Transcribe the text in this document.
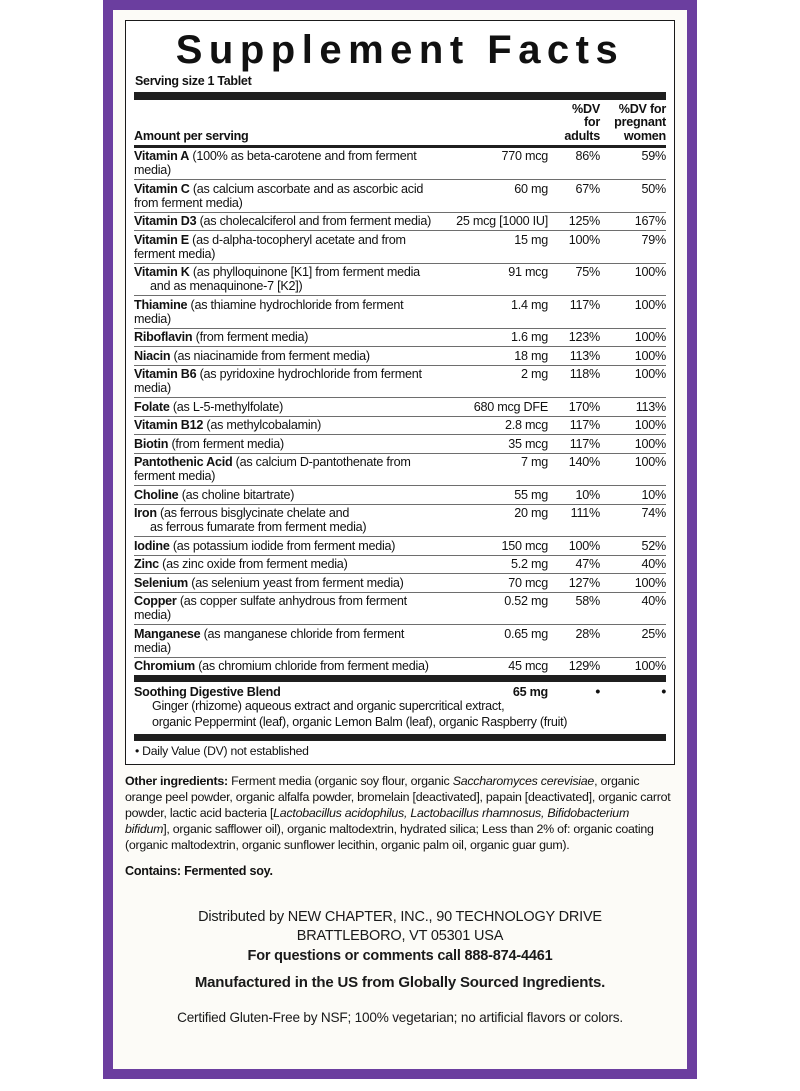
Supplement Facts
Serving size 1 Tablet
Amount per serving
%DV
for
adults
%DV for
pregnant
women
Vitamin A (100% as beta-carotene and from ferment media)	770 mcg	86%	59%
Vitamin C (as calcium ascorbate and as ascorbic acid from ferment media)	60 mg	67%	50%
Vitamin D3 (as cholecalciferol and from ferment media)	25 mcg [1000 IU]	125%	167%
Vitamin E (as d-alpha-tocopheryl acetate and from ferment media)	15 mg	100%	79%
Vitamin K (as phylloquinone [K1] from ferment media
and as menaquinone-7 [K2])	91 mcg	75%	100%
Thiamine (as thiamine hydrochloride from ferment media)	1.4 mg	117%	100%
Riboflavin (from ferment media)	1.6 mg	123%	100%
Niacin (as niacinamide from ferment media)	18 mg	113%	100%
Vitamin B6 (as pyridoxine hydrochloride from ferment media)	2 mg	118%	100%
Folate (as L-5-methylfolate)	680 mcg DFE	170%	113%
Vitamin B12 (as methylcobalamin)	2.8 mcg	117%	100%
Biotin (from ferment media)	35 mcg	117%	100%
Pantothenic Acid (as calcium D-pantothenate from ferment media)	7 mg	140%	100%
Choline (as choline bitartrate)	55 mg	10%	10%
Iron (as ferrous bisglycinate chelate and
as ferrous fumarate from ferment media)	20 mg	111%	74%
Iodine (as potassium iodide from ferment media)	150 mcg	100%	52%
Zinc (as zinc oxide from ferment media)	5.2 mg	47%	40%
Selenium (as selenium yeast from ferment media)	70 mcg	127%	100%
Copper (as copper sulfate anhydrous from ferment media)	0.52 mg	58%	40%
Manganese (as manganese chloride from ferment media)	0.65 mg	28%	25%
Chromium (as chromium chloride from ferment media)	45 mcg	129%	100%
Soothing Digestive Blend	65 mg	•	•
Ginger (rhizome) aqueous extract and organic supercritical extract,
organic Peppermint (leaf), organic Lemon Balm (leaf), organic Raspberry (fruit)
• Daily Value (DV) not established
Other ingredients: Ferment media (organic soy flour, organic Saccharomyces cerevisiae, organic orange peel powder, organic alfalfa powder, bromelain [deactivated], papain [deactivated], organic carrot powder, lactic acid bacteria [Lactobacillus acidophilus, Lactobacillus rhamnosus, Bifidobacterium bifidum], organic safflower oil), organic maltodextrin, hydrated silica; Less than 2% of: organic coating (organic maltodextrin, organic sunflower lecithin, organic palm oil, organic guar gum).
Contains: Fermented soy.
Distributed by NEW CHAPTER, INC., 90 TECHNOLOGY DRIVE
BRATTLEBORO, VT 05301 USA
For questions or comments call 888-874-4461
Manufactured in the US from Globally Sourced Ingredients.
Certified Gluten-Free by NSF; 100% vegetarian; no artificial flavors or colors.
